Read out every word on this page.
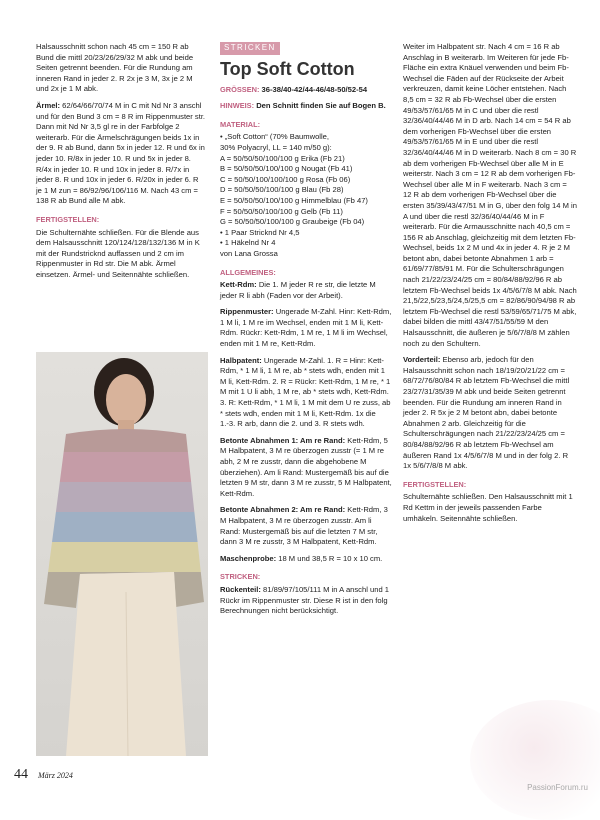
Halsausschnitt schon nach 45 cm = 150 R ab Bund die mittl 20/23/26/29/32 M abk und beide Seiten getrennt beenden. Für die Rundung am inneren Rand in jeder 2. R 2x je 3 M, 3x je 2 M und 2x je 1 M abk.

Ärmel: 62/64/66/70/74 M in C mit Nd Nr 3 anschl und für den Bund 3 cm = 8 R im Rippenmuster str. Dann mit Nd Nr 3,5 gl re in der Farbfolge 2 weiterarb. Für die Ärmelschrägungen beids 1x in der 9. R ab Bund, dann 5x in jeder 12. R und 6x in jeder 10. R/8x in jeder 10. R und 5x in jeder 8. R/4x in jeder 10. R und 10x in jeder 8. R/7x in jeder 8. R und 10x in jeder 6. R/20x in jeder 6. R je 1 M zun = 86/92/96/106/116 M. Nach 43 cm = 138 R ab Bund alle M abk.

FERTIGSTELLEN:

Die Schulternähte schließen. Für die Blende aus dem Halsausschnitt 120/124/128/132/136 M in K mit der Rundstricknd auffassen und 2 cm im Rippenmuster in Rd str. Die M abk. Ärmel einsetzen. Ärmel- und Seitennähte schließen.

STRICKEN
Top Soft Cotton

GRÖSSEN: 36-38/40-42/44-46/48-50/52-54

HINWEIS: Den Schnitt finden Sie auf Bogen B.

MATERIAL:
• „Soft Cotton“ (70% Baumwolle,
30% Polyacryl, LL = 140 m/50 g):
A = 50/50/50/100/100 g Erika (Fb 21)
B = 50/50/50/100/100 g Nougat (Fb 41)
C = 50/50/100/100/100 g Rosa (Fb 06)
D = 50/50/50/100/100 g Blau (Fb 28)
E = 50/50/50/100/100 g Himmelblau (Fb 47)
F = 50/50/50/100/100 g Gelb (Fb 11)
G = 50/50/50/100/100 g Graubeige (Fb 04)
• 1 Paar Stricknd Nr 4,5
• 1 Häkelnd Nr 4
von Lana Grossa
ALLGEMEINES:

Kett-Rdm: Die 1. M jeder R re str, die letzte M jeder R li abh (Faden vor der Arbeit).

Rippenmuster: Ungerade M-Zahl. Hinr: Kett-Rdm, 1 M li, 1 M re im Wechsel, enden mit 1 M li, Kett-Rdm. Rückr: Kett-Rdm, 1 M re, 1 M li im Wechsel, enden mit 1 M re, Kett-Rdm.

Halbpatent: Ungerade M-Zahl. 1. R = Hinr: Kett-Rdm, * 1 M li, 1 M re, ab * stets wdh, enden mit 1 M li, Kett-Rdm. 2. R = Rückr: Kett-Rdm, 1 M re, * 1 M mit 1 U li abh, 1 M re, ab * stets wdh, Kett-Rdm. 3. R: Kett-Rdm, * 1 M li, 1 M mit dem U re zuss, ab * stets wdh, enden mit 1 M li, Kett-Rdm. 1x die 1.-3. R arb, dann die 2. und 3. R stets wdh.

Betonte Abnahmen 1: Am re Rand: Kett-Rdm, 5 M Halbpatent, 3 M re überzogen zusstr (= 1 M re abh, 2 M re zusstr, dann die abgehobene M überziehen). Am li Rand: Mustergemäß bis auf die letzten 9 M str, dann 3 M re zusstr, 5 M Halbpatent, Kett-Rdm.

Betonte Abnahmen 2: Am re Rand: Kett-Rdm, 3 M Halbpatent, 3 M re überzogen zusstr. Am li Rand: Mustergemäß bis auf die letzten 7 M str, dann 3 M re zusstr, 3 M Halbpatent, Kett-Rdm.

Maschenprobe: 18 M und 38,5 R = 10 x 10 cm.

STRICKEN:

Rückenteil: 81/89/97/105/111 M in A anschl und 1 Rückr im Rippenmuster str. Diese R ist in den folg Berechnungen nicht berücksichtigt.

Weiter im Halbpatent str. Nach 4 cm = 16 R ab Anschlag in B weiterarb. Im Weiteren für jede Fb-Fläche ein extra Knäuel verwenden und beim Fb-Wechsel die Fäden auf der Rückseite der Arbeit verkreuzen, damit keine Löcher entstehen. Nach 8,5 cm = 32 R ab Fb-Wechsel über die ersten 49/53/57/61/65 M in C und über die restl 32/36/40/44/46 M in D arb. Nach 14 cm = 54 R ab dem vorherigen Fb-Wechsel über die ersten 49/53/57/61/65 M in E und über die restl 32/36/40/44/46 M in D weiterarb. Nach 8 cm = 30 R ab dem vorherigen Fb-Wechsel über alle M in E weiterstr. Nach 3 cm = 12 R ab dem vorherigen Fb-Wechsel über alle M in F weiterarb. Nach 3 cm = 12 R ab dem vorherigen Fb-Wechsel über die ersten 35/39/43/47/51 M in G, über den folg 14 M in A und über die restl 32/36/40/44/46 M in F weiterarb. Für die Armausschnitte nach 40,5 cm = 156 R ab Anschlag, gleichzeitig mit dem letzten Fb-Wechsel, beids 1x 2 M und 4x in jeder 4. R je 2 M betont abn, dabei betonte Abnahmen 1 arb = 61/69/77/85/91 M. Für die Schulterschrägungen nach 21/22/23/24/25 cm = 80/84/88/92/96 R ab letztem Fb-Wechsel beids 1x 4/5/6/7/8 M abk. Nach 21,5/22,5/23,5/24,5/25,5 cm = 82/86/90/94/98 R ab letztem Fb-Wechsel die restl 53/59/65/71/75 M abk, dabei bilden die mittl 43/47/51/55/59 M den Halsausschnitt, die äußeren je 5/6/7/8/8 M zählen noch zu den Schultern.

Vorderteil: Ebenso arb, jedoch für den Halsausschnitt schon nach 18/19/20/21/22 cm = 68/72/76/80/84 R ab letztem Fb-Wechsel die mittl 23/27/31/35/39 M abk und beide Seiten getrennt beenden. Für die Rundung am inneren Rand in jeder 2. R 5x je 2 M betont abn, dabei betonte Abnahmen 2 arb. Gleichzeitig für die Schulterschrägungen nach 21/22/23/24/25 cm = 80/84/88/92/96 R ab letztem Fb-Wechsel am äußeren Rand 1x 4/5/6/7/8 M und in der folg 2. R 1x 5/6/7/8/8 M abk.

FERTIGSTELLEN:

Schulternähte schließen. Den Halsausschnitt mit 1 Rd Kettm in der jeweils passenden Farbe umhäkeln. Seitennähte schließen.

44 März 2024
PassionForum.ru
